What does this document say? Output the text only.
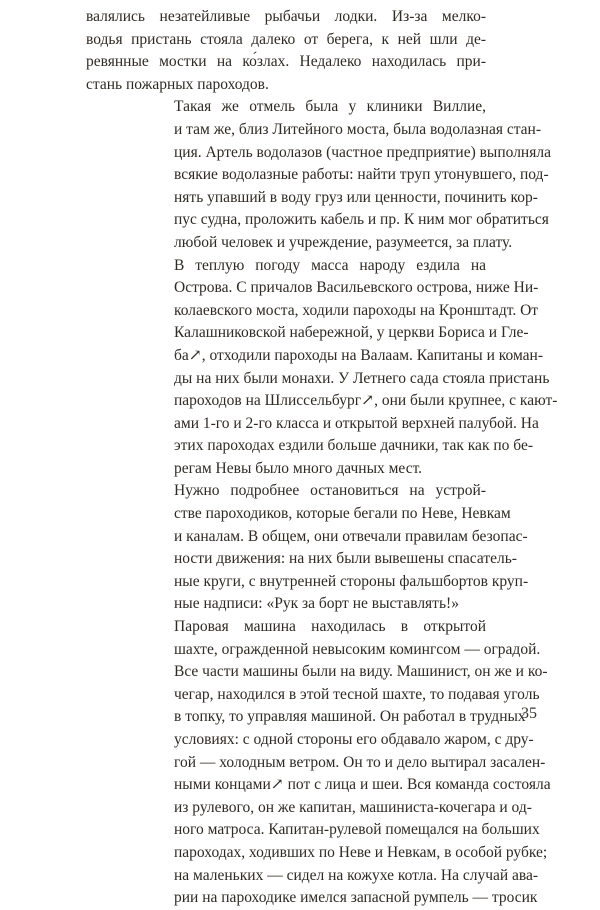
валялись незатейливые рыбачьи лодки. Из-за мелко-
водья пристань стояла далеко от берега, к ней шли де-
ревянные мостки на ко́злах. Недалеко находилась при-
стань пожарных пароходов.

Такая же отмель была у клиники Виллие,
и там же, близ Литейного моста, была водолазная стан-
ция. Артель водолазов (частное предприятие) выполняла
всякие водолазные работы: найти труп утонувшего, под-
нять упавший в воду груз или ценности, починить кор-
пус судна, проложить кабель и пр. К ним мог обратиться
любой человек и учреждение, разумеется, за плату.

В теплую погоду масса народу ездила на
Острова. С причалов Васильевского острова, ниже Ни-
колаевского моста, ходили пароходы на Кронштадт. От
Калашниковской набережной, у церкви Бориса и Гле-
ба↗, отходили пароходы на Валаам. Капитаны и коман-
ды на них были монахи. У Летнего сада стояла пристань
пароходов на Шлиссельбург↗, они были крупнее, с кают-
ами 1-го и 2-го класса и открытой верхней палубой. На
этих пароходах ездили больше дачники, так как по бе-
регам Невы было много дачных мест.

Нужно подробнее остановиться на устрой-
стве пароходиков, которые бегали по Неве, Невкам
и каналам. В общем, они отвечали правилам безопас-
ности движения: на них были вывешены спасатель-
ные круги, с внутренней стороны фальшбортов круп-
ные надписи: «Рук за борт не выставлять!»

Паровая машина находилась в открытой
шахте, огражденной невысоким комингсом — оградой.
Все части машины были на виду. Машинист, он же и ко-
чегар, находился в этой тесной шахте, то подавая уголь
в топку, то управляя машиной. Он работал в трудных
условиях: с одной стороны его обдавало жаром, с дру-
гой — холодным ветром. Он то и дело вытирал засален-
ными концами↗ пот с лица и шеи. Вся команда состояла
из рулевого, он же капитан, машиниста-кочегара и од-
ного матроса. Капитан-рулевой помещался на больших
пароходах, ходивших по Неве и Невкам, в особой рубке;
на маленьких — сидел на кожухе котла. На случай ава-
рии на пароходике имелся запасной румпель — тросик

35
